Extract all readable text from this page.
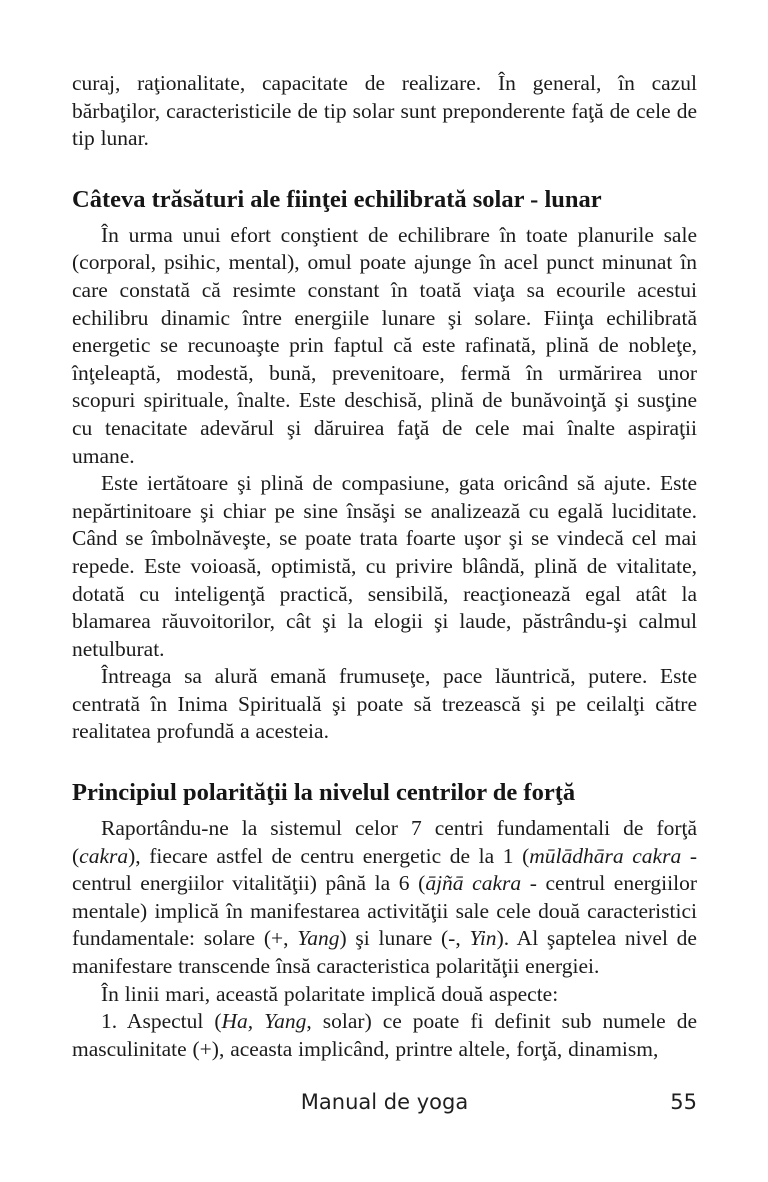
curaj, raţionalitate, capacitate de realizare. În general, în cazul bărbaţilor, caracteristicile de tip solar sunt preponderente faţă de cele de tip lunar.

Câteva trăsături ale fiinţei echilibrată solar - lunar

În urma unui efort conştient de echilibrare în toate planurile sale (corporal, psihic, mental), omul poate ajunge în acel punct minunat în care constată că resimte constant în toată viaţa sa ecourile acestui echilibru dinamic între energiile lunare şi solare. Fiinţa echilibrată energetic se recunoaşte prin faptul că este rafinată, plină de nobleţe, înţeleaptă, modestă, bună, prevenitoare, fermă în urmărirea unor scopuri spirituale, înalte. Este deschisă, plină de bunăvoinţă şi susţine cu tenacitate adevărul şi dăruirea faţă de cele mai înalte aspiraţii umane.

Este iertătoare şi plină de compasiune, gata oricând să ajute. Este nepărtinitoare şi chiar pe sine însăşi se analizează cu egală luciditate. Când se îmbolnăveşte, se poate trata foarte uşor şi se vindecă cel mai repede. Este voioasă, optimistă, cu privire blândă, plină de vitalitate, dotată cu inteligenţă practică, sensibilă, reacţionează egal atât la blamarea răuvoitorilor, cât şi la elogii şi laude, păstrându-şi calmul netulburat.

Întreaga sa alură emană frumuseţe, pace lăuntrică, putere. Este centrată în Inima Spirituală şi poate să trezească şi pe ceilalţi către realitatea profundă a acesteia.

Principiul polarităţii la nivelul centrilor de forţă

Raportându-ne la sistemul celor 7 centri fundamentali de forţă (cakra), fiecare astfel de centru energetic de la 1 (mūlādhāra cakra - centrul energiilor vitalităţii) până la 6 (ājñā cakra - centrul energiilor mentale) implică în manifestarea activităţii sale cele două caracteristici fundamentale: solare (+, Yang) şi lunare (-, Yin). Al şaptelea nivel de manifestare transcende însă caracteristica polarităţii energiei.

În linii mari, această polaritate implică două aspecte:

1. Aspectul (Ha, Yang, solar) ce poate fi definit sub numele de masculinitate (+), aceasta implicând, printre altele, forţă, dinamism,

Manual de yoga	55
